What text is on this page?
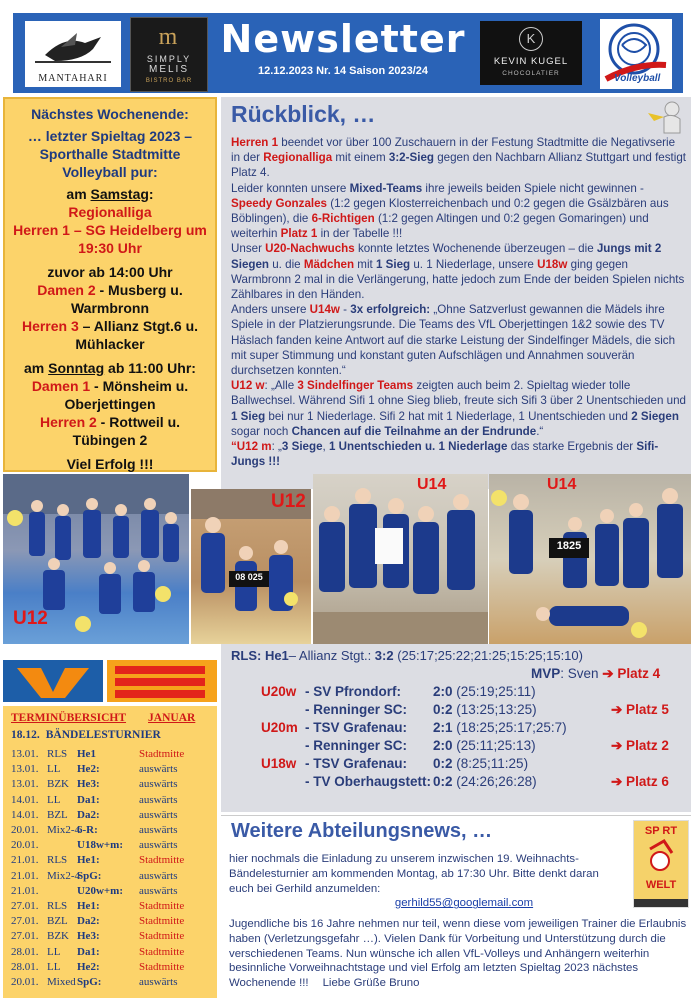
MANTAHARI
m
SIMPLY
MELIS
BISTRO BAR
Newsletter
12.12.2023 Nr. 14 Saison 2023/24
K
KEVIN KUGEL
CHOCOLATIER	Volleyball
Nächstes Wochenende:
… letzter Spieltag 2023 –
Sporthalle Stadtmitte
Volleyball pur:
am Samstag:
Regionalliga
Herren 1 – SG Heidelberg um
19:30 Uhr
zuvor ab 14:00 Uhr
Damen 2 - Musberg u.
Warmbronn
Herren 3 – Allianz Stgt.6 u.
Mühlacker
am Sonntag ab 11:00 Uhr:
Damen 1 - Mönsheim u.
Oberjettingen
Herren 2 - Rottweil u.
Tübingen 2
Viel Erfolg !!!
Rückblick, …
Herren 1 beendet vor über 100 Zuschauern in der Festung Stadtmitte die Negativserie in der Regionalliga mit einem 3:2-Sieg gegen den Nachbarn Allianz Stuttgart und festigt Platz 4.
Leider konnten unsere Mixed-Teams ihre jeweils beiden Spiele nicht gewinnen - Speedy Gonzales (1:2 gegen Klosterreichenbach und 0:2 gegen die Gsälzbären aus Böblingen), die 6-Richtigen (1:2 gegen Altingen und 0:2 gegen Gomaringen) und weiterhin Platz 1 in der Tabelle !!!
Unser U20-Nachwuchs konnte letztes Wochenende überzeugen – die Jungs mit 2 Siegen u. die Mädchen mit 1 Sieg u. 1 Niederlage, unsere U18w ging gegen Warmbronn 2 mal in die Verlängerung, hatte jedoch zum Ende der beiden Spielen nichts Zählbares in den Händen.
Anders unsere U14w - 3x erfolgreich: „Ohne Satzverlust gewannen die Mädels ihre Spiele in der Platzierungsrunde. Die Teams des VfL Oberjettingen 1&2 sowie des TV Häslach fanden keine Antwort auf die starke Leistung der Sindelfinger Mädels, die sich mit super Stimmung und konstant guten Aufschlägen und Annahmen souverän durchsetzen konnten.“
U12 w: „Alle 3 Sindelfinger Teams zeigten auch beim 2. Spieltag wieder tolle Ballwechsel. Während Sifi 1 ohne Sieg blieb, freute sich Sifi 3 über 2 Unentschieden und 1 Sieg bei nur 1 Niederlage. Sifi 2 hat mit 1 Niederlage, 1 Unentschieden und 2 Siegen sogar noch Chancen auf die Teilnahme an der Endrunde.“
“U12 m: „3 Siege, 1 Unentschieden u. 1 Niederlage das starke Ergebnis der Sifi-Jungs !!!
U12
08 025
U12
U14
1825
U14
RLS: He1– Allianz Stgt.: 3:2 (25:17;25:22;21:25;15:25;15:10)
MVP: Sven ➔ Platz 4
U20w- SV Pfrondorf: 2:0 (25:19;25:11)
- Renninger SC: 0:2 (13:25;13:25)	➔ Platz 5
U20m- TSV Grafenau: 2:1 (18:25;25:17;25:7)
- Renninger SC: 2:0 (25:11;25:13)	➔ Platz 2
U18w- TSV Grafenau: 0:2 (8:25;11:25)
- TV Oberhaugstett: 0:2 (24:26;26:28)	➔ Platz 6
TERMINÜBERSICHT JANUAR
18.12. BÄNDELESTURNIER
13.01. RLS He1	Stadtmitte
13.01. LL He2:	auswärts
13.01. BZK He3:	auswärts
14.01. LL Da1:	auswärts
14.01. BZL Da2:	auswärts
20.01. Mix2-46-R:	auswärts
20.01.	U18w+m: auswärts
21.01. RLS He1:	Stadtmitte
21.01. Mix2-4SpG:	auswärts
21.01.	U20w+m: auswärts
27.01. RLS He1:	Stadtmitte
27.01. BZL Da2:	Stadtmitte
27.01. BZK He3:	Stadtmitte
28.01. LL Da1:	Stadtmitte
28.01. LL He2:	Stadtmitte
20.01. MixedSpG:	auswärts
Weitere Abteilungsnews, …	SP RT
WELT
hier nochmals die Einladung zu unserem inzwischen 19. Weihnachts-Bändelesturnier am kommenden Montag, ab 17:30 Uhr. Bitte denkt daran euch bei Gerhild anzumelden:
gerhild55@googlemail.com
Jugendliche bis 16 Jahre nehmen nur teil, wenn diese vom jeweiligen Trainer die Erlaubnis haben (Verletzungsgefahr …). Vielen Dank für Vorbeitung und Unterstützung durch die verschiedenen Teams. Nun wünsche ich allen VfL-Volleys und Anhängern weiterhin besinnliche Vorweihnachtstage und viel Erfolg am letzten Spieltag 2023 nächstes Wochenende !!! Liebe Grüße Bruno
